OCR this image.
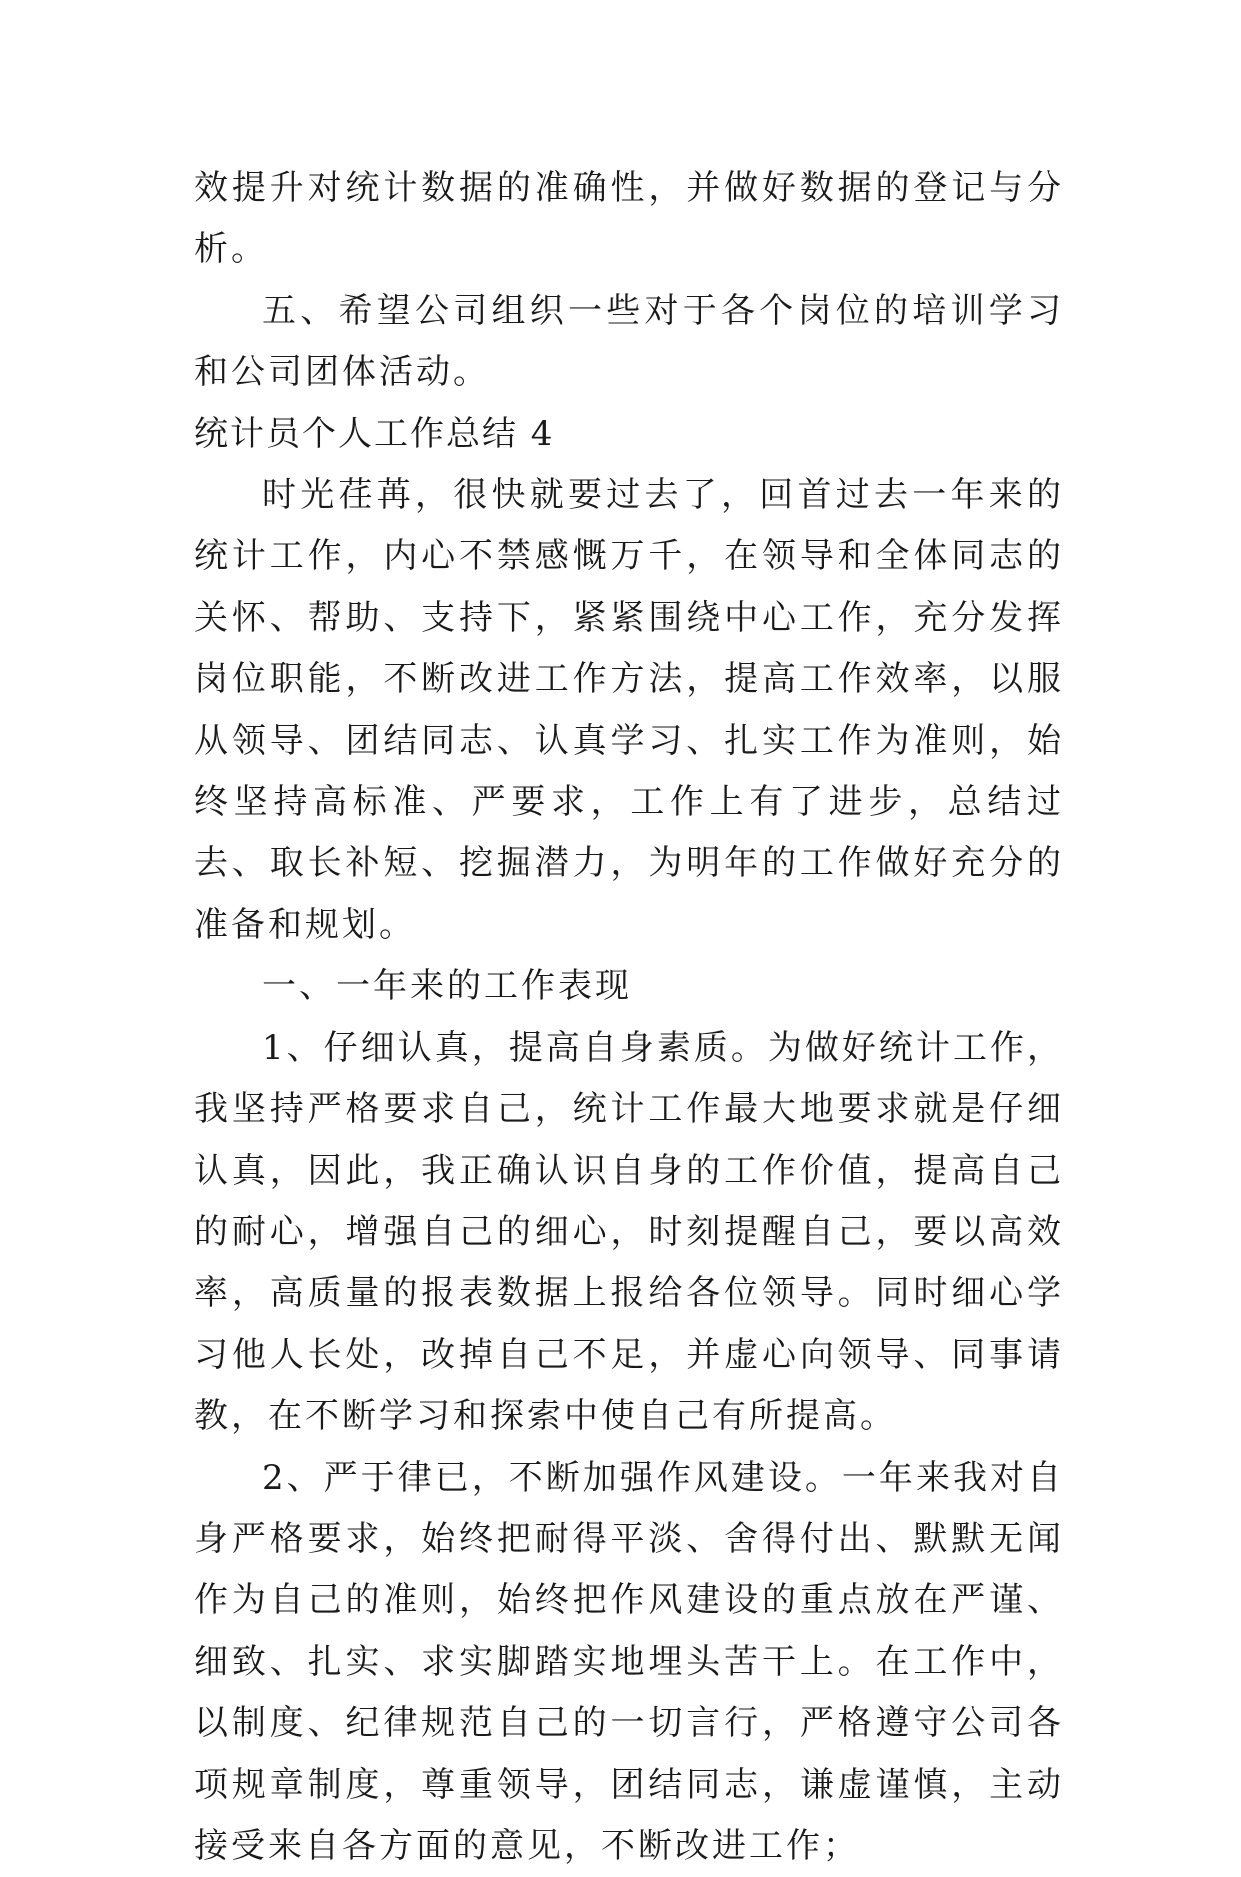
效提升对统计数据的准确性，并做好数据的登记与分析。

五、希望公司组织一些对于各个岗位的培训学习和公司团体活动。

统计员个人工作总结 4

时光荏苒，很快就要过去了，回首过去一年来的统计工作，内心不禁感慨万千，在领导和全体同志的关怀、帮助、支持下，紧紧围绕中心工作，充分发挥岗位职能，不断改进工作方法，提高工作效率，以服从领导、团结同志、认真学习、扎实工作为准则，始终坚持高标准、严要求，工作上有了进步，总结过去、取长补短、挖掘潜力，为明年的工作做好充分的准备和规划。

一、一年来的工作表现

1、仔细认真，提高自身素质。为做好统计工作，我坚持严格要求自己，统计工作最大地要求就是仔细认真，因此，我正确认识自身的工作价值，提高自己的耐心，增强自己的细心，时刻提醒自己，要以高效率，高质量的报表数据上报给各位领导。同时细心学习他人长处，改掉自己不足，并虚心向领导、同事请教，在不断学习和探索中使自己有所提高。

2、严于律已，不断加强作风建设。一年来我对自身严格要求，始终把耐得平淡、舍得付出、默默无闻作为自己的准则，始终把作风建设的重点放在严谨、细致、扎实、求实脚踏实地埋头苦干上。在工作中，以制度、纪律规范自己的一切言行，严格遵守公司各项规章制度，尊重领导，团结同志，谦虚谨慎，主动接受来自各方面的意见，不断改进工作；
